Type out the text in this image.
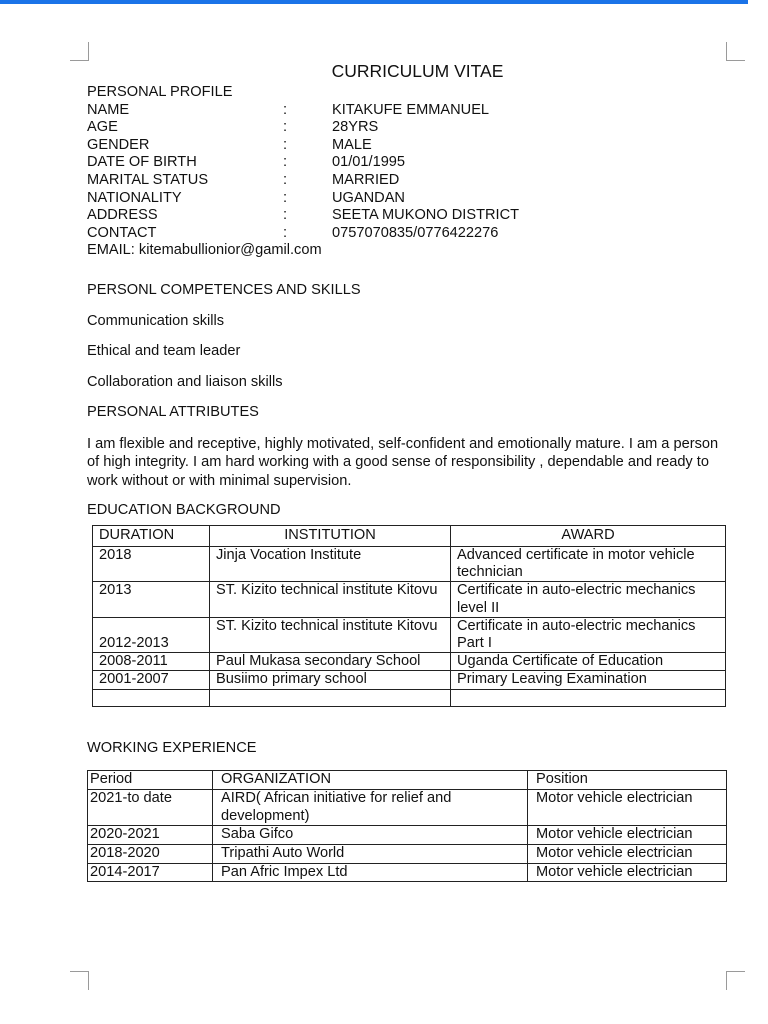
CURRICULUM VITAE
PERSONAL PROFILE
NAME	:	KITAKUFE EMMANUEL
AGE	:	28YRS
GENDER	:	MALE
DATE OF BIRTH	:	01/01/1995
MARITAL STATUS	:	MARRIED
NATIONALITY	:	UGANDAN
ADDRESS	:	SEETA MUKONO DISTRICT
CONTACT	:	0757070835/0776422276
EMAIL: kitemabullionior@gamil.com
PERSONL COMPETENCES AND SKILLS
Communication skills
Ethical and team leader
Collaboration and liaison skills
PERSONAL ATTRIBUTES

I am flexible and receptive, highly motivated, self-confident and emotionally mature. I am a person of high integrity. I am hard working with a good sense of responsibility , dependable and ready to work without or with minimal supervision.

EDUCATION BACKGROUND
DURATION	INSTITUTION	AWARD
2018	Jinja Vocation Institute	Advanced certificate in motor vehicle technician
2013	ST. Kizito technical institute Kitovu	Certificate in auto-electric mechanics level II
2012-2013	ST. Kizito technical institute Kitovu	Certificate in auto-electric mechanics Part I
2008-2011	Paul Mukasa secondary School	Uganda Certificate of Education
2001-2007	Busiimo primary school	Primary Leaving Examination

WORKING EXPERIENCE
Period	ORGANIZATION	Position
2021-to date	AIRD( African initiative for relief and development)	Motor vehicle electrician
2020-2021	Saba Gifco	Motor vehicle electrician
2018-2020	Tripathi Auto World	Motor vehicle electrician
2014-2017	Pan Afric Impex Ltd	Motor vehicle electrician
